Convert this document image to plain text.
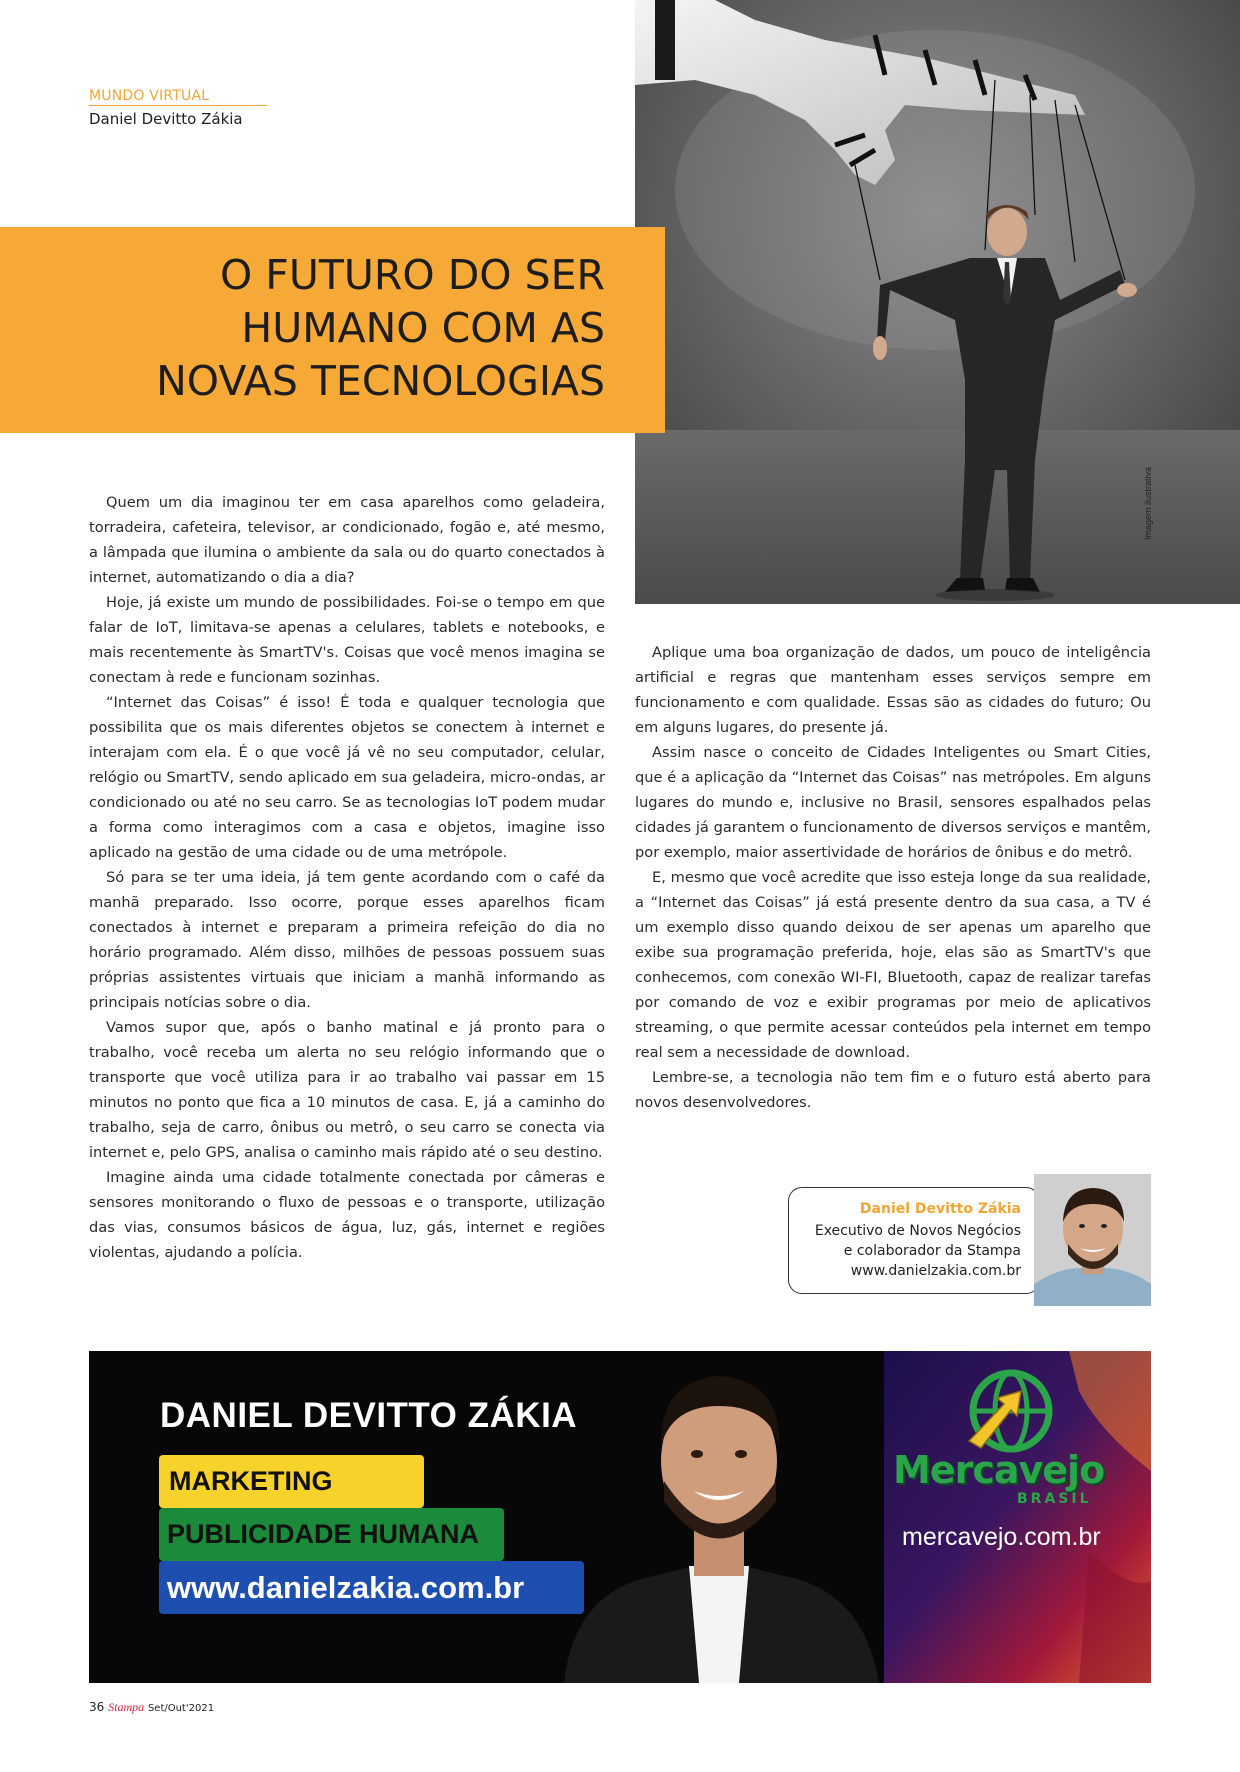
MUNDO VIRTUAL
Daniel Devitto Zákia
Imagem ilustrativa
O FUTURO DO SER
HUMANO COM AS
NOVAS TECNOLOGIAS

Quem um dia imaginou ter em casa aparelhos como geladeira, torradeira, cafeteira, televisor, ar condicionado, fogão e, até mesmo, a lâmpada que ilumina o ambiente da sala ou do quarto conectados à internet, automatizando o dia a dia?

Hoje, já existe um mundo de possibilidades. Foi-se o tempo em que falar de IoT, limitava-se apenas a celulares, tablets e notebooks, e mais recentemente às SmartTV's. Coisas que você menos imagina se conectam à rede e funcionam sozinhas.

“Internet das Coisas” é isso! É toda e qualquer tecnologia que possibilita que os mais diferentes objetos se conectem à internet e interajam com ela. É o que você já vê no seu computador, celular, relógio ou SmartTV, sendo aplicado em sua geladeira, micro-ondas, ar condicionado ou até no seu carro. Se as tecnologias IoT podem mudar a forma como interagimos com a casa e objetos, imagine isso aplicado na gestão de uma cidade ou de uma metrópole.

Só para se ter uma ideia, já tem gente acordando com o café da manhã preparado. Isso ocorre, porque esses aparelhos ficam conectados à internet e preparam a primeira refeição do dia no horário programado. Além disso, milhões de pessoas possuem suas próprias assistentes virtuais que iniciam a manhã informando as principais notícias sobre o dia.

Vamos supor que, após o banho matinal e já pronto para o trabalho, você receba um alerta no seu relógio informando que o transporte que você utiliza para ir ao trabalho vai passar em 15 minutos no ponto que fica a 10 minutos de casa. E, já a caminho do trabalho, seja de carro, ônibus ou metrô, o seu carro se conecta via internet e, pelo GPS, analisa o caminho mais rápido até o seu destino.

Imagine ainda uma cidade totalmente conectada por câmeras e sensores monitorando o fluxo de pessoas e o transporte, utilização das vias, consumos básicos de água, luz, gás, internet e regiões violentas, ajudando a polícia.

Aplique uma boa organização de dados, um pouco de inteligência artificial e regras que mantenham esses serviços sempre em funcionamento e com qualidade. Essas são as cidades do futuro; Ou em alguns lugares, do presente já.

Assim nasce o conceito de Cidades Inteligentes ou Smart Cities, que é a aplicação da “Internet das Coisas” nas metrópoles. Em alguns lugares do mundo e, inclusive no Brasil, sensores espalhados pelas cidades já garantem o funcionamento de diversos serviços e mantêm, por exemplo, maior assertividade de horários de ônibus e do metrô.

E, mesmo que você acredite que isso esteja longe da sua realidade, a “Internet das Coisas” já está presente dentro da sua casa, a TV é um exemplo disso quando deixou de ser apenas um aparelho que exibe sua programação preferida, hoje, elas são as SmartTV's que conhecemos, com conexão WI-FI, Bluetooth, capaz de realizar tarefas por comando de voz e exibir programas por meio de aplicativos streaming, o que permite acessar conteúdos pela internet em tempo real sem a necessidade de download.

Lembre-se, a tecnologia não tem fim e o futuro está aberto para novos desenvolvedores.

Daniel Devitto Zákia
Executivo de Novos Negócios
e colaborador da Stampa
www.danielzakia.com.br
DANIEL DEVITTO ZÁKIA
MARKETING
PUBLICIDADE HUMANA
www.danielzakia.com.br
Mercavejo
BRASIL
mercavejo.com.br
36 Stampa Set/Out'2021
